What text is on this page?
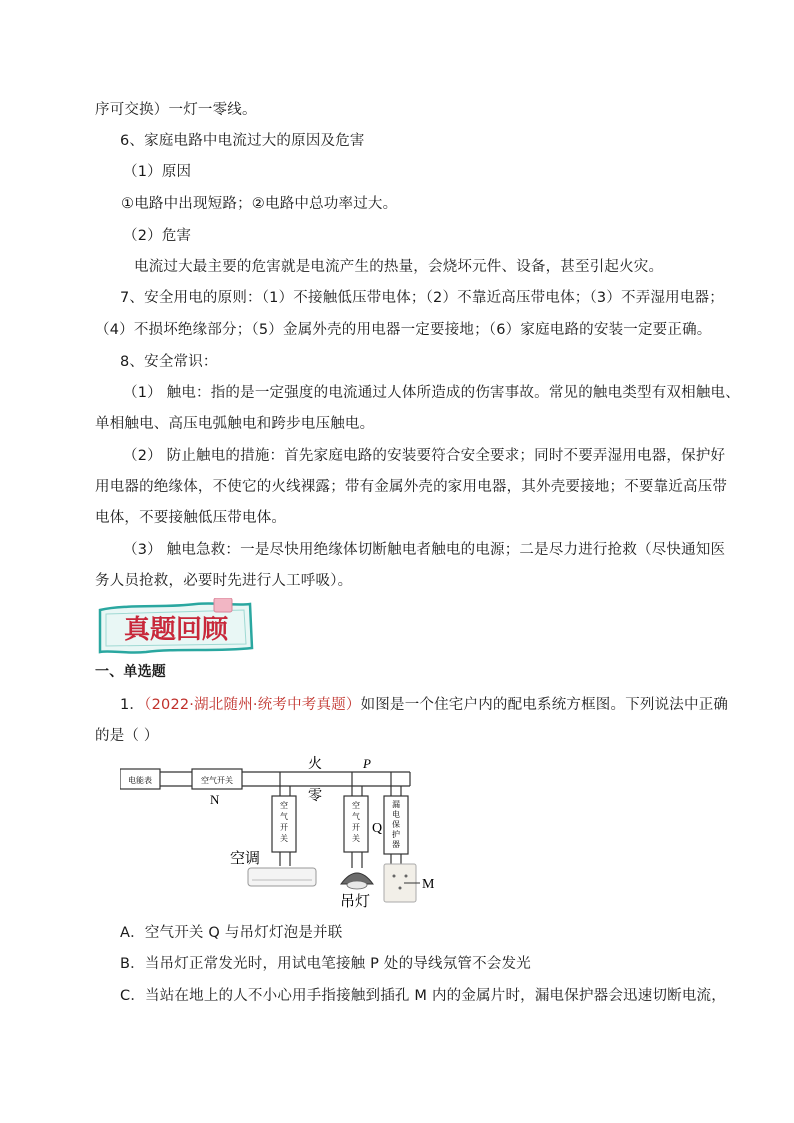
序可交换）一灯一零线。
6、家庭电路中电流过大的原因及危害
（1）原因
①电路中出现短路；②电路中总功率过大。
（2）危害
电流过大最主要的危害就是电流产生的热量，会烧坏元件、设备，甚至引起火灾。
7、安全用电的原则：（1）不接触低压带电体；（2）不靠近高压带电体；（3）不弄湿用电器；
（4）不损坏绝缘部分；（5）金属外壳的用电器一定要接地；（6）家庭电路的安装一定要正确。
8、安全常识：
（1） 触电：指的是一定强度的电流通过人体所造成的伤害事故。常见的触电类型有双相触电、
单相触电、高压电弧触电和跨步电压触电。
（2） 防止触电的措施：首先家庭电路的安装要符合安全要求；同时不要弄湿用电器，保护好
用电器的绝缘体，不使它的火线裸露；带有金属外壳的家用电器，其外壳要接地；不要靠近高压带
电体，不要接触低压带电体。
（3） 触电急救：一是尽快用绝缘体切断触电者触电的电源；二是尽力进行抢救（尽快通知医
务人员抢救，必要时先进行人工呼吸）。
真题回顾
一、单选题
1．（2022·湖北随州·统考中考真题）如图是一个住宅户内的配电系统方框图。下列说法中正确
的是（ ）
电能表	空气开关
N
火
零
P
空气开关
空调
空气开关
Q
吊灯
漏电保护器
M
A．空气开关 Q 与吊灯灯泡是并联
B．当吊灯正常发光时，用试电笔接触 P 处的导线氖管不会发光
C．当站在地上的人不小心用手指接触到插孔 M 内的金属片时，漏电保护器会迅速切断电流，
